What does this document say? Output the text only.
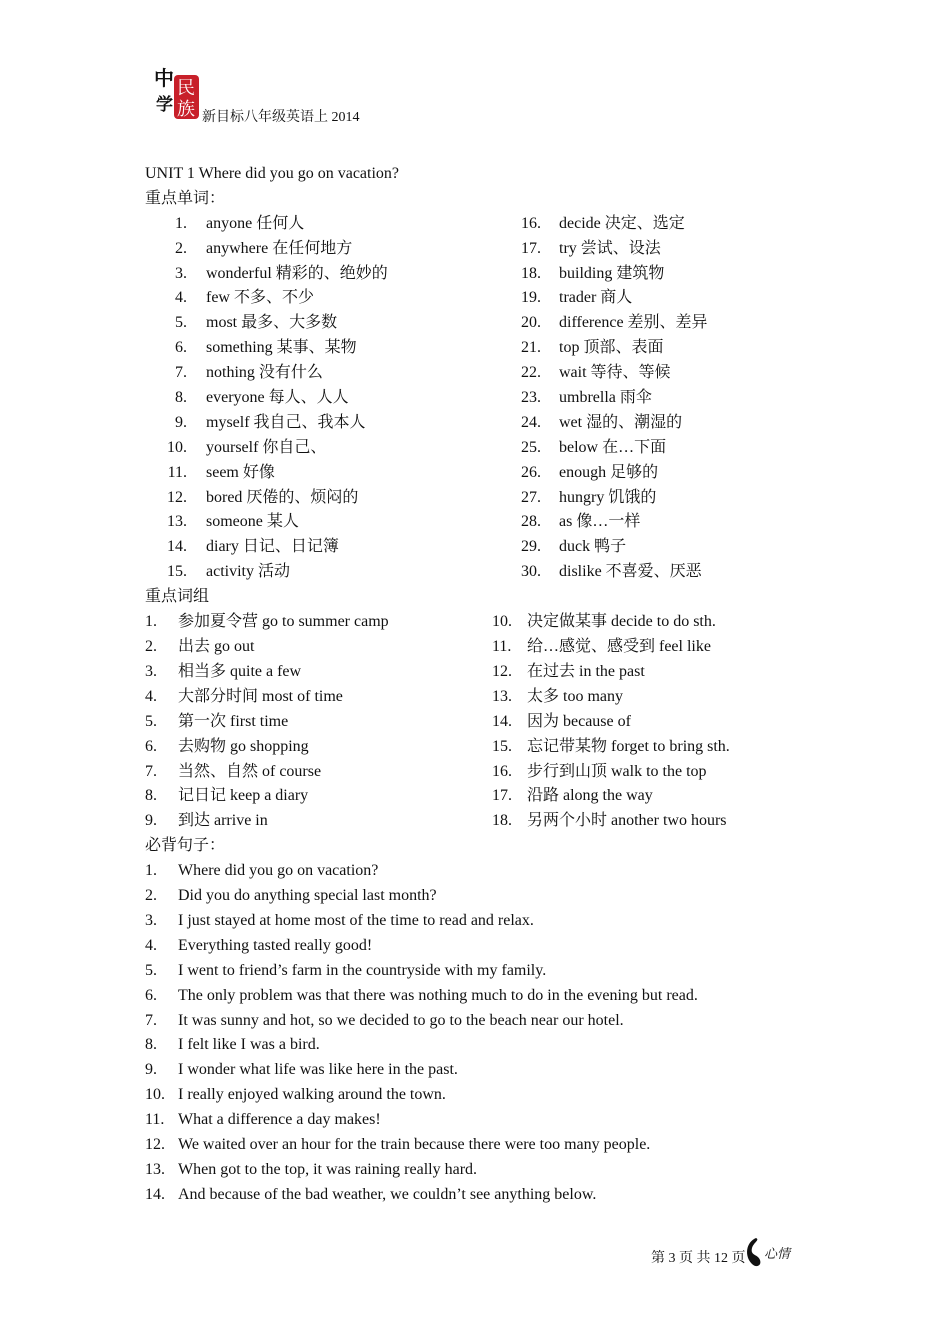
中
学
民
族 新目标八年级英语上 2014
UNIT 1 Where did you go on vacation?
重点单词：
1. anyone 任何人
2. anywhere 在任何地方
3. wonderful 精彩的、绝妙的
4. few 不多、不少
5. most 最多、大多数
6. something 某事、某物
7. nothing 没有什么
8. everyone 每人、人人
9. myself 我自己、我本人
10. yourself 你自己、
11. seem 好像
12. bored 厌倦的、烦闷的
13. someone 某人
14. diary 日记、日记簿
15. activity 活动
16. decide 决定、选定
17. try 尝试、设法
18. building 建筑物
19. trader 商人
20. difference 差别、差异
21. top 顶部、表面
22. wait 等待、等候
23. umbrella 雨伞
24. wet 湿的、潮湿的
25. below 在…下面
26. enough 足够的
27. hungry 饥饿的
28. as 像…一样
29. duck 鸭子
30. dislike 不喜爱、厌恶
重点词组
1. 参加夏令营 go to summer camp
2. 出去 go out
3. 相当多 quite a few
4. 大部分时间 most of time
5. 第一次 first time
6. 去购物 go shopping
7. 当然、自然 of course
8. 记日记 keep a diary
9. 到达 arrive in
10. 决定做某事 decide to do sth.
11. 给…感觉、感受到 feel like
12. 在过去 in the past
13. 太多 too many
14. 因为 because of
15. 忘记带某物 forget to bring sth.
16. 步行到山顶 walk to the top
17. 沿路 along the way
18. 另两个小时 another two hours
必背句子：
1. Where did you go on vacation?
2. Did you do anything special last month?
3. I just stayed at home most of the time to read and relax.
4. Everything tasted really good!
5. I went to friend’s farm in the countryside with my family.
6. The only problem was that there was nothing much to do in the evening but read.
7. It was sunny and hot, so we decided to go to the beach near our hotel.
8. I felt like I was a bird.
9. I wonder what life was like here in the past.
10. I really enjoyed walking around the town.
11. What a difference a day makes!
12. We waited over an hour for the train because there were too many people.
13. When got to the top, it was raining really hard.
14. And because of the bad weather, we couldn’t see anything below.
第 3 页 共 12 页 心情
